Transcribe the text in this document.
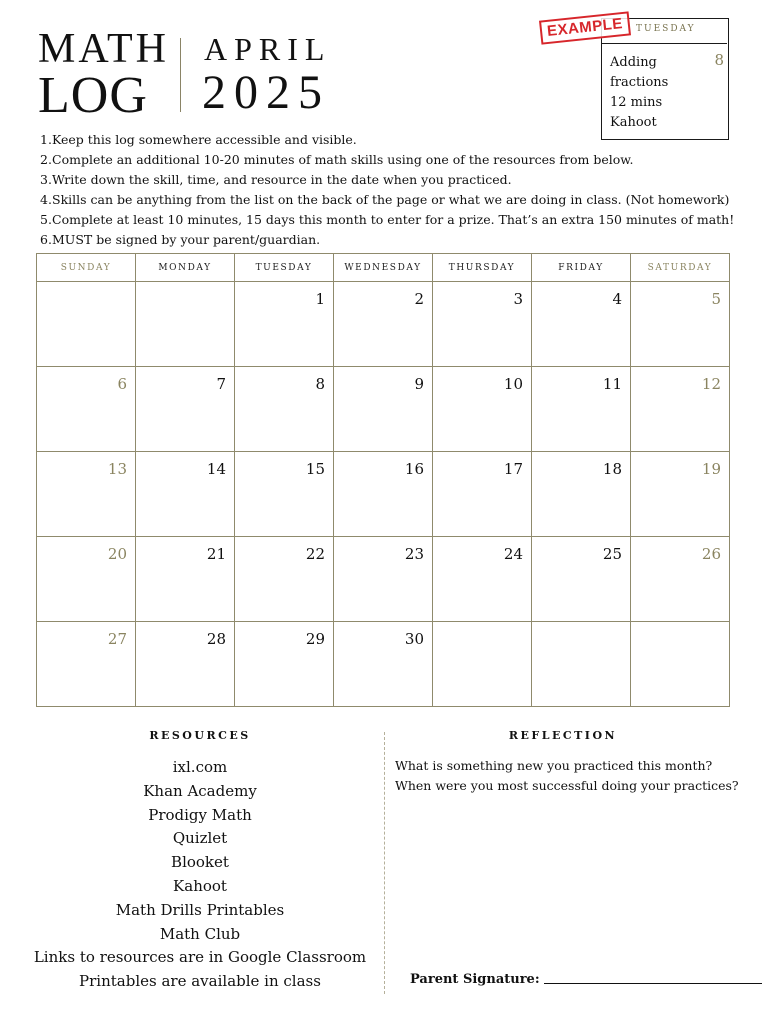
MATH
LOG
APRIL
2025
TUESDAY
8
Adding
fractions
12 mins
Kahoot
EXAMPLE
1.Keep this log somewhere accessible and visible.
2.Complete an additional 10-20 minutes of math skills using one of the resources from below.
3.Write down the skill, time, and resource in the date when you practiced.
4.Skills can be anything from the list on the back of the page or what we are doing in class. (Not homework)
5.Complete at least 10 minutes, 15 days this month to enter for a prize. That’s an extra 150 minutes of math!
6.MUST be signed by your parent/guardian.
SUNDAY	MONDAY	TUESDAY	WEDNESDAY	THURSDAY	FRIDAY	SATURDAY
		1	2	3	4	5
6	7	8	9	10	11	12
13	14	15	16	17	18	19
20	21	22	23	24	25	26
27	28	29	30			
RESOURCES
ixl.com
Khan Academy
Prodigy Math
Quizlet
Blooket
Kahoot
Math Drills Printables
Math Club
Links to resources are in Google Classroom
Printables are available in class
REFLECTION
What is something new you practiced this month?
When were you most successful doing your practices?
Parent Signature:
